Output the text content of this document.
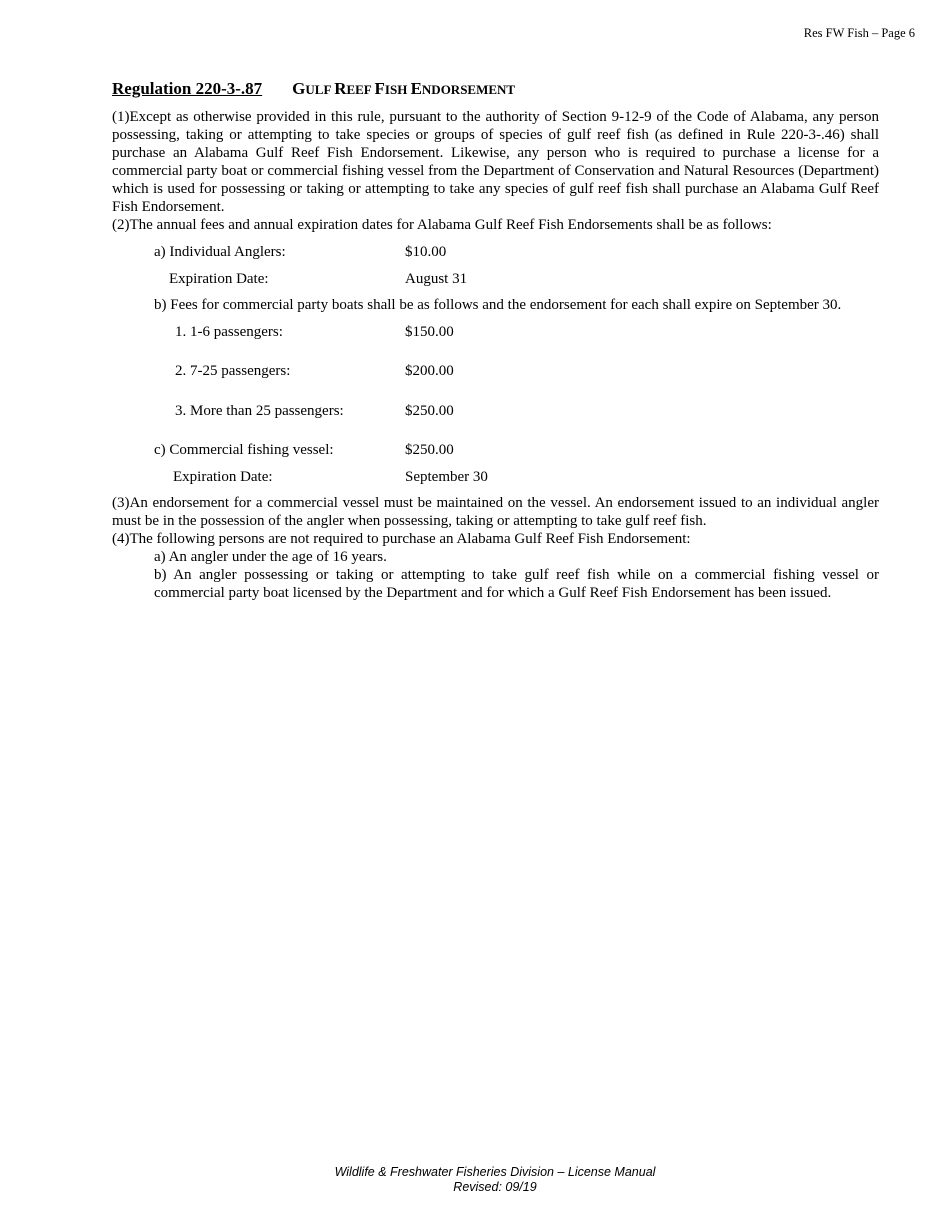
Res FW Fish – Page 6
Regulation 220-3-.87 GULF REEF FISH ENDORSEMENT
(1)Except as otherwise provided in this rule, pursuant to the authority of Section 9-12-9 of the Code of Alabama, any person possessing, taking or attempting to take species or groups of species of gulf reef fish (as defined in Rule 220-3-.46) shall purchase an Alabama Gulf Reef Fish Endorsement. Likewise, any person who is required to purchase a license for a commercial party boat or commercial fishing vessel from the Department of Conservation and Natural Resources (Department) which is used for possessing or taking or attempting to take any species of gulf reef fish shall purchase an Alabama Gulf Reef Fish Endorsement.
(2)The annual fees and annual expiration dates for Alabama Gulf Reef Fish Endorsements shall be as follows:
a) Individual Anglers:	$10.00
Expiration Date:	August 31
b) Fees for commercial party boats shall be as follows and the endorsement for each shall expire on September 30.
1. 1-6 passengers:	$150.00
2. 7-25 passengers:	$200.00
3. More than 25 passengers:	$250.00
c) Commercial fishing vessel:	$250.00
Expiration Date:	September 30
(3)An endorsement for a commercial vessel must be maintained on the vessel. An endorsement issued to an individual angler must be in the possession of the angler when possessing, taking or attempting to take gulf reef fish.
(4)The following persons are not required to purchase an Alabama Gulf Reef Fish Endorsement:
a) An angler under the age of 16 years.
b) An angler possessing or taking or attempting to take gulf reef fish while on a commercial fishing vessel or commercial party boat licensed by the Department and for which a Gulf Reef Fish Endorsement has been issued.
Wildlife & Freshwater Fisheries Division – License Manual
Revised: 09/19
